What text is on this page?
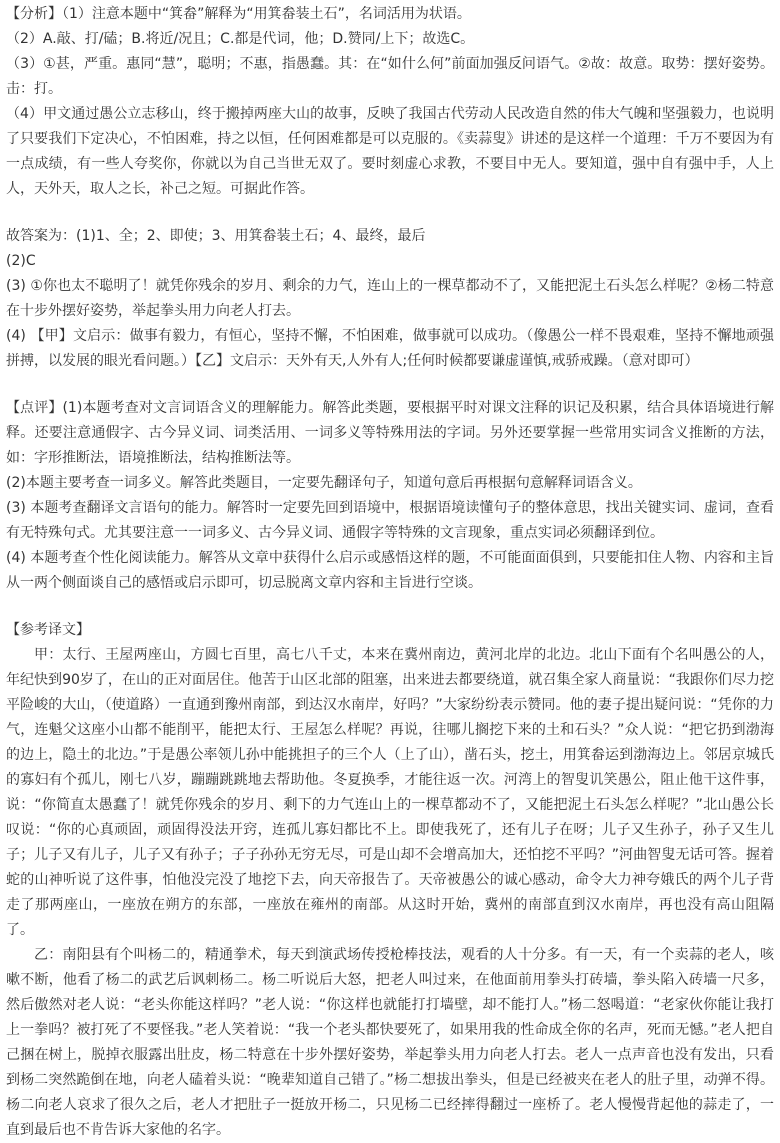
【分析】（1）注意本题中“箕畚”解释为“用箕畚装土石”，名词活用为状语。

（2）A.敲、打/磕；B.将近/况且；C.都是代词，他；D.赞同/上下；故选C。

（3）①甚，严重。惠同“慧”，聪明；不惠，指愚蠢。其：在“如什么何”前面加强反问语气。②故：故意。取势：摆好姿势。击：打。

（4）甲文通过愚公立志移山，终于搬掉两座大山的故事，反映了我国古代劳动人民改造自然的伟大气魄和坚强毅力，也说明了只要我们下定决心，不怕困难，持之以恒，任何困难都是可以克服的。《卖蒜叟》讲述的是这样一个道理：千万不要因为有一点成绩，有一些人夸奖你，你就以为自己当世无双了。要时刻虚心求教，不要目中无人。要知道，强中自有强中手，人上人，天外天，取人之长，补己之短。可据此作答。

故答案为：(1)1、全；2、即使；3、用箕畚装土石；4、最终，最后

(2)C

(3) ①你也太不聪明了！就凭你残余的岁月、剩余的力气，连山上的一棵草都动不了，又能把泥土石头怎么样呢？②杨二特意在十步外摆好姿势，举起拳头用力向老人打去。

(4) 【甲】文启示：做事有毅力，有恒心，坚持不懈，不怕困难，做事就可以成功。（像愚公一样不畏艰难，坚持不懈地顽强拼搏，以发展的眼光看问题。）【乙】文启示：天外有天,人外有人;任何时候都要谦虚谨慎,戒骄戒躁。（意对即可）

【点评】(1)本题考查对文言词语含义的理解能力。解答此类题，要根据平时对课文注释的识记及积累，结合具体语境进行解释。还要注意通假字、古今异义词、词类活用、一词多义等特殊用法的字词。另外还要掌握一些常用实词含义推断的方法，如：字形推断法，语境推断法，结构推断法等。

(2)本题主要考查一词多义。解答此类题目，一定要先翻译句子，知道句意后再根据句意解释词语含义。

(3) 本题考查翻译文言语句的能力。解答时一定要先回到语境中，根据语境读懂句子的整体意思，找出关键实词、虚词，查看有无特殊句式。尤其要注意一一词多义、古今异义词、通假字等特殊的文言现象，重点实词必须翻译到位。

(4) 本题考查个性化阅读能力。解答从文章中获得什么启示或感悟这样的题，不可能面面俱到，只要能扣住人物、内容和主旨从一两个侧面谈自己的感悟或启示即可，切忌脱离文章内容和主旨进行空谈。

【参考译文】

甲：太行、王屋两座山，方圆七百里，高七八千丈，本来在冀州南边，黄河北岸的北边。北山下面有个名叫愚公的人，年纪快到90岁了，在山的正对面居住。他苦于山区北部的阻塞，出来进去都要绕道，就召集全家人商量说：“我跟你们尽力挖平险峻的大山，（使道路）一直通到豫州南部，到达汉水南岸，好吗？”大家纷纷表示赞同。他的妻子提出疑问说：“凭你的力气，连魁父这座小山都不能削平，能把太行、王屋怎么样呢？再说，往哪儿搁挖下来的土和石头？”众人说：“把它扔到渤海的边上，隐土的北边。”于是愚公率领儿孙中能挑担子的三个人（上了山），凿石头，挖土，用箕畚运到渤海边上。邻居京城氏的寡妇有个孤儿，刚七八岁，蹦蹦跳跳地去帮助他。冬夏换季，才能往返一次。河湾上的智叟讥笑愚公，阻止他干这件事，说：“你简直太愚蠢了！就凭你残余的岁月、剩下的力气连山上的一棵草都动不了，又能把泥土石头怎么样呢？”北山愚公长叹说：“你的心真顽固，顽固得没法开窍，连孤儿寡妇都比不上。即使我死了，还有儿子在呀；儿子又生孙子，孙子又生儿子；儿子又有儿子，儿子又有孙子；子子孙孙无穷无尽，可是山却不会增高加大，还怕挖不平吗？”河曲智叟无话可答。握着蛇的山神听说了这件事，怕他没完没了地挖下去，向天帝报告了。天帝被愚公的诚心感动，命令大力神夸娥氏的两个儿子背走了那两座山，一座放在朔方的东部，一座放在雍州的南部。从这时开始，冀州的南部直到汉水南岸，再也没有高山阻隔了。

乙：南阳县有个叫杨二的，精通拳术，每天到演武场传授枪棒技法，观看的人十分多。有一天，有一个卖蒜的老人，咳嗽不断，他看了杨二的武艺后讽刺杨二。杨二听说后大怒，把老人叫过来，在他面前用拳头打砖墙，拳头陷入砖墙一尺多，然后傲然对老人说：“老头你能这样吗？”老人说：“你这样也就能打打墙壁，却不能打人。”杨二怒喝道：“老家伙你能让我打上一拳吗？被打死了不要怪我。”老人笑着说：“我一个老头都快要死了，如果用我的性命成全你的名声，死而无憾。”老人把自己捆在树上，脱掉衣服露出肚皮，杨二特意在十步外摆好姿势，举起拳头用力向老人打去。老人一点声音也没有发出，只看到杨二突然跪倒在地，向老人磕着头说：“晚辈知道自己错了。”杨二想拔出拳头，但是已经被夹在老人的肚子里，动弹不得。杨二向老人哀求了很久之后，老人才把肚子一挺放开杨二，只见杨二已经摔得翻过一座桥了。老人慢慢背起他的蒜走了，一直到最后也不肯告诉大家他的名字。
